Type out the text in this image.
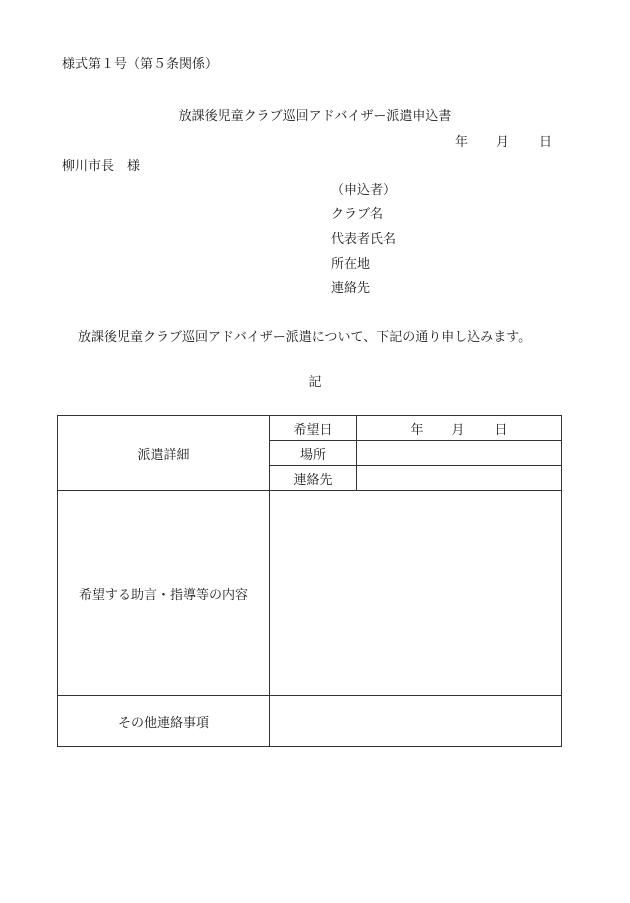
様式第１号（第５条関係）
放課後児童クラブ巡回アドバイザー派遣申込書
年 月 日
柳川市長　様
（申込者）
クラブ名
代表者氏名
所在地
連絡先
放課後児童クラブ巡回アドバイザー派遣について、下記の通り申し込みます。
記
派遣詳細	希望日	年 月 日
	場所	
	連絡先	
希望する助言・指導等の内容		
その他連絡事項		
